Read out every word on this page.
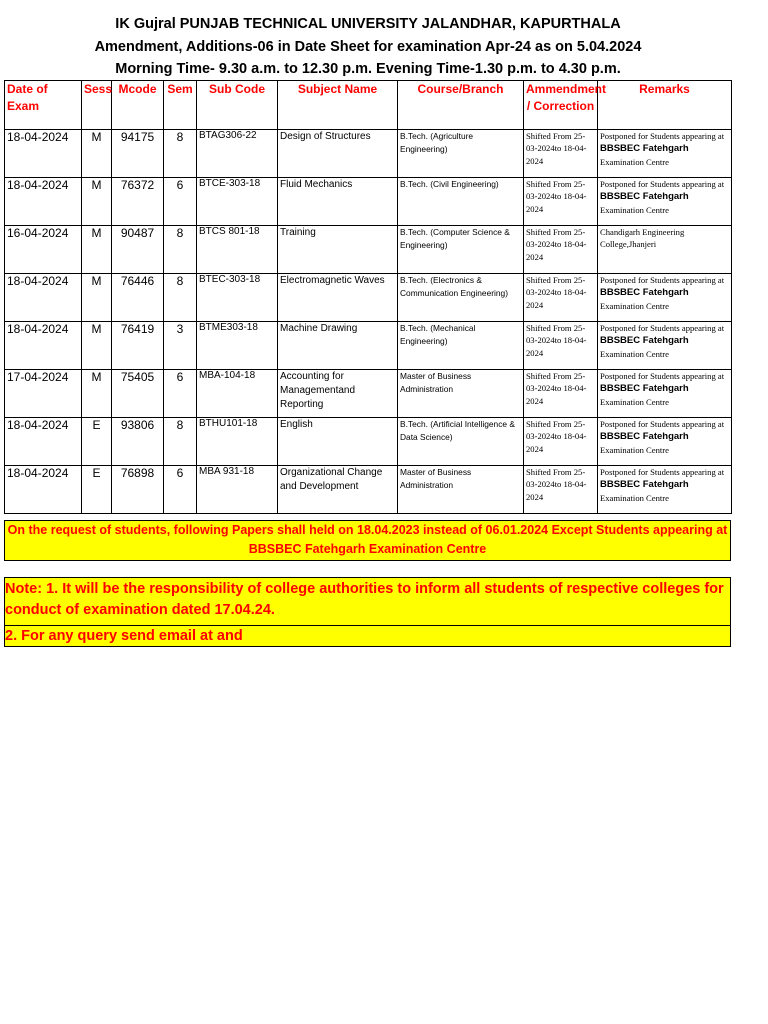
IK Gujral PUNJAB TECHNICAL UNIVERSITY JALANDHAR, KAPURTHALA
Amendment, Additions-06 in Date Sheet for examination Apr-24 as on 5.04.2024
Morning Time- 9.30 a.m. to 12.30 p.m. Evening Time-1.30 p.m. to 4.30 p.m.
Date of Exam	Sess	Mcode	Sem	Sub Code	Subject Name	Course/Branch	Ammendment / Correction	Remarks
18-04-2024	M	94175	8	BTAG306-22	Design of Structures	B.Tech. (Agriculture Engineering)	Shifted From 25-03-2024to 18-04-2024	Postponed for Students appearing at BBSBEC Fatehgarh Examination Centre
18-04-2024	M	76372	6	BTCE-303-18	Fluid Mechanics	B.Tech. (Civil Engineering)	Shifted From 25-03-2024to 18-04-2024	Postponed for Students appearing at BBSBEC Fatehgarh Examination Centre
16-04-2024	M	90487	8	BTCS 801-18	Training	B.Tech. (Computer Science & Engineering)	Shifted From 25-03-2024to 18-04-2024	Chandigarh Engineering College,Jhanjeri
18-04-2024	M	76446	8	BTEC-303-18	Electromagnetic Waves	B.Tech. (Electronics & Communication Engineering)	Shifted From 25-03-2024to 18-04-2024	Postponed for Students appearing at BBSBEC Fatehgarh Examination Centre
18-04-2024	M	76419	3	BTME303-18	Machine Drawing	B.Tech. (Mechanical Engineering)	Shifted From 25-03-2024to 18-04-2024	Postponed for Students appearing at BBSBEC Fatehgarh Examination Centre
17-04-2024	M	75405	6	MBA-104-18	Accounting for Managementand Reporting	Master of Business Administration	Shifted From 25-03-2024to 18-04-2024	Postponed for Students appearing at BBSBEC Fatehgarh Examination Centre
18-04-2024	E	93806	8	BTHU101-18	English	B.Tech. (Artificial Intelligence & Data Science)	Shifted From 25-03-2024to 18-04-2024	Postponed for Students appearing at BBSBEC Fatehgarh Examination Centre
18-04-2024	E	76898	6	MBA 931-18	Organizational Change and Development	Master of Business Administration	Shifted From 25-03-2024to 18-04-2024	Postponed for Students appearing at BBSBEC Fatehgarh Examination Centre
On the request of students, following Papers shall held on 18.04.2023 instead of 06.01.2024 Except Students appearing at BBSBEC Fatehgarh Examination Centre
Note: 1. It will be the responsibility of college authorities to inform all students of respective colleges for conduct of examination dated 17.04.24.
2. For any query send email at and
